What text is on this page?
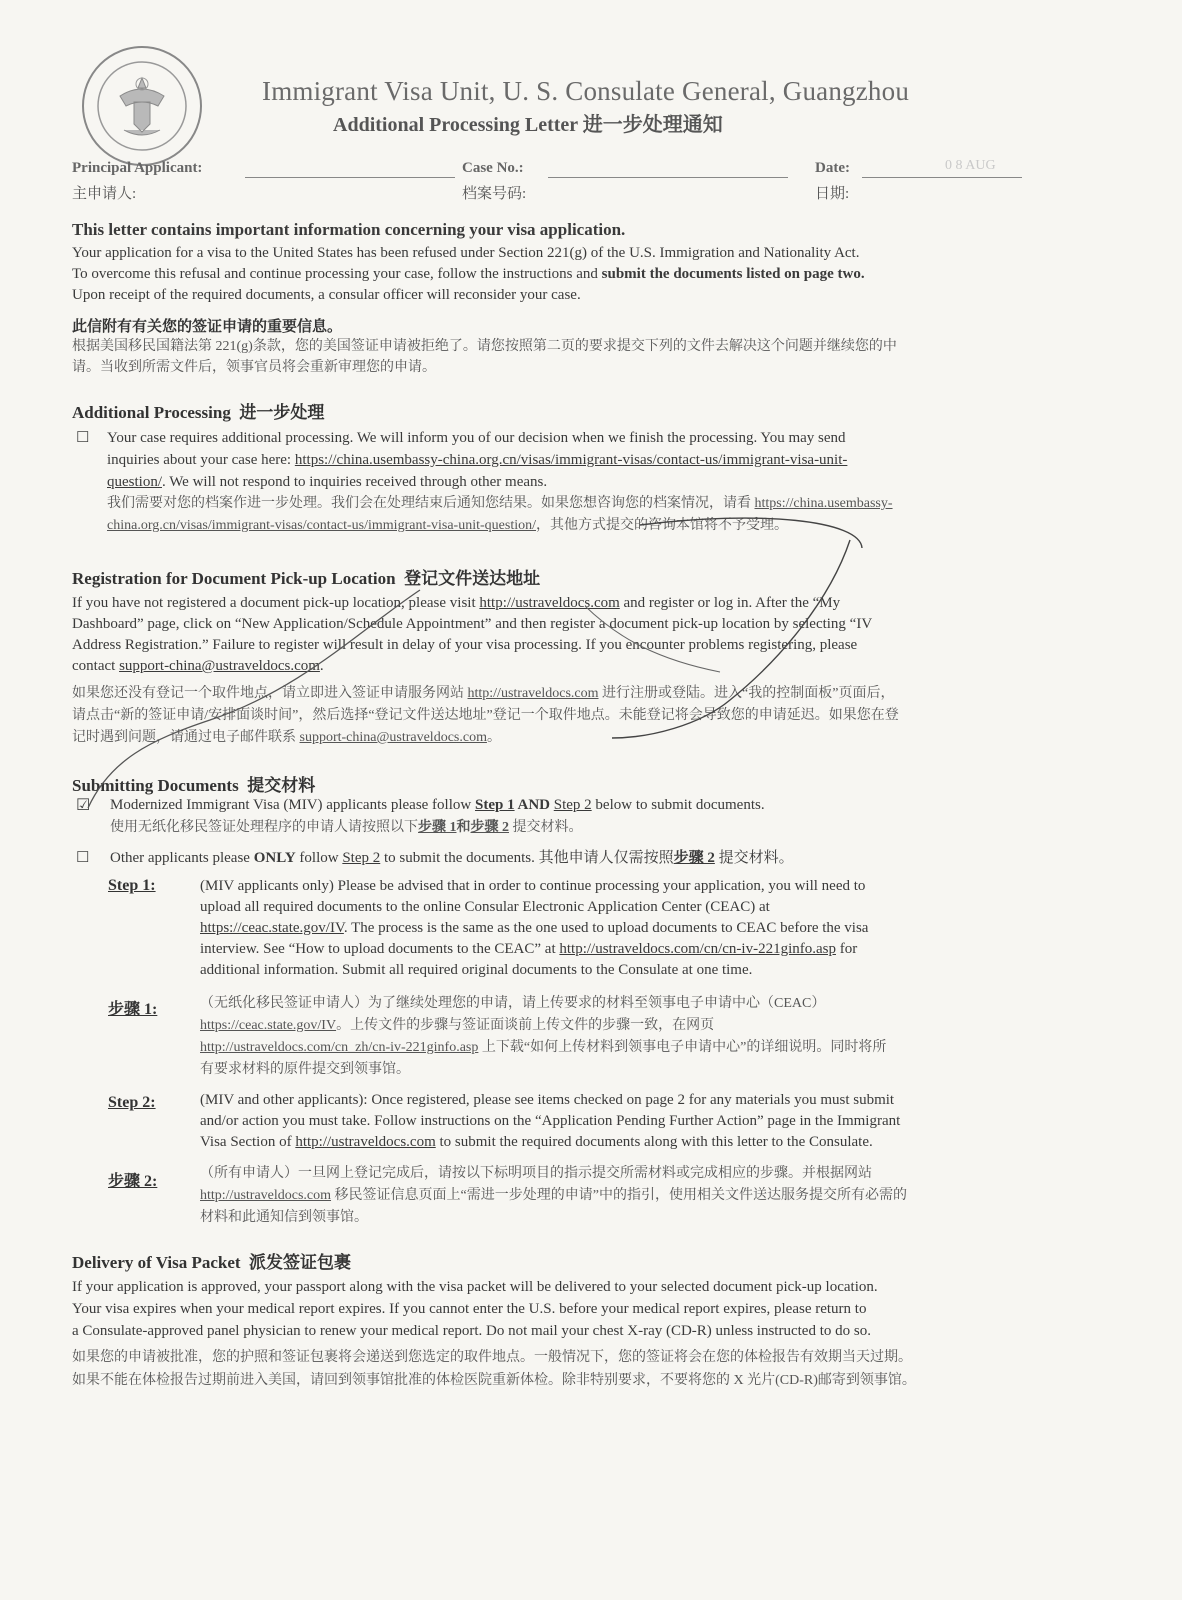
Immigrant Visa Unit, U. S. Consulate General, Guangzhou
Additional Processing Letter 进一步处理通知
Principal Applicant:
主申请人:
Case No.:
档案号码:
Date:	0 8 AUG
日期:
This letter contains important information concerning your visa application.
Your application for a visa to the United States has been refused under Section 221(g) of the U.S. Immigration and Nationality Act.
To overcome this refusal and continue processing your case, follow the instructions and submit the documents listed on page two.
Upon receipt of the required documents, a consular officer will reconsider your case.
此信附有有关您的签证申请的重要信息。
根据美国移民国籍法第 221(g)条款，您的美国签证申请被拒绝了。请您按照第二页的要求提交下列的文件去解决这个问题并继续您的中
请。当收到所需文件后，领事官员将会重新审理您的申请。
Additional Processing 进一步处理
☐ Your case requires additional processing. We will inform you of our decision when we finish the processing. You may send
inquiries about your case here: https://china.usembassy-china.org.cn/visas/immigrant-visas/contact-us/immigrant-visa-unit-
question/. We will not respond to inquiries received through other means.
我们需要对您的档案作进一步处理。我们会在处理结束后通知您结果。如果您想咨询您的档案情况，请看 https://china.usembassy-
china.org.cn/visas/immigrant-visas/contact-us/immigrant-visa-unit-question/，其他方式提交的咨询本馆将不予受理。
Registration for Document Pick-up Location 登记文件送达地址
If you have not registered a document pick-up location, please visit http://ustraveldocs.com and register or log in. After the “My
Dashboard” page, click on “New Application/Schedule Appointment” and then register a document pick-up location by selecting “IV
Address Registration.” Failure to register will result in delay of your visa processing. If you encounter problems registering, please
contact support-china@ustraveldocs.com.
如果您还没有登记一个取件地点，请立即进入签证申请服务网站 http://ustraveldocs.com 进行注册或登陆。进入“我的控制面板”页面后，
请点击“新的签证申请/安排面谈时间”，然后选择“登记文件送达地址”登记一个取件地点。未能登记将会导致您的申请延迟。如果您在登
记时遇到问题，请通过电子邮件联系 support-china@ustraveldocs.com。
Submitting Documents 提交材料
☑ Modernized Immigrant Visa (MIV) applicants please follow Step 1 AND Step 2 below to submit documents.
使用无纸化移民签证处理程序的申请人请按照以下步骤 1和步骤 2 提交材料。
☐ Other applicants please ONLY follow Step 2 to submit the documents. 其他申请人仅需按照步骤 2 提交材料。
Step 1:	(MIV applicants only) Please be advised that in order to continue processing your application, you will need to
upload all required documents to the online Consular Electronic Application Center (CEAC) at
https://ceac.state.gov/IV. The process is the same as the one used to upload documents to CEAC before the visa
interview. See “How to upload documents to the CEAC” at http://ustraveldocs.com/cn/cn-iv-221ginfo.asp for
additional information. Submit all required original documents to the Consulate at one time.
步骤 1:	（无纸化移民签证申请人）为了继续处理您的申请，请上传要求的材料至领事电子申请中心（CEAC）
https://ceac.state.gov/IV。上传文件的步骤与签证面谈前上传文件的步骤一致，在网页
http://ustraveldocs.com/cn_zh/cn-iv-221ginfo.asp 上下载“如何上传材料到领事电子申请中心”的详细说明。同时将所
有要求材料的原件提交到领事馆。
Step 2:	(MIV and other applicants): Once registered, please see items checked on page 2 for any materials you must submit
and/or action you must take. Follow instructions on the “Application Pending Further Action” page in the Immigrant
Visa Section of http://ustraveldocs.com to submit the required documents along with this letter to the Consulate.
步骤 2:	（所有申请人）一旦网上登记完成后，请按以下标明项目的指示提交所需材料或完成相应的步骤。并根据网站
http://ustraveldocs.com 移民签证信息页面上“需进一步处理的申请”中的指引，使用相关文件送达服务提交所有必需的
材料和此通知信到领事馆。
Delivery of Visa Packet 派发签证包裹
If your application is approved, your passport along with the visa packet will be delivered to your selected document pick-up location.
Your visa expires when your medical report expires. If you cannot enter the U.S. before your medical report expires, please return to
a Consulate-approved panel physician to renew your medical report. Do not mail your chest X-ray (CD-R) unless instructed to do so.
如果您的申请被批准，您的护照和签证包裹将会递送到您选定的取件地点。一般情况下，您的签证将会在您的体检报告有效期当天过期。
如果不能在体检报告过期前进入美国，请回到领事馆批准的体检医院重新体检。除非特别要求，不要将您的 X 光片(CD-R)邮寄到领事馆。
